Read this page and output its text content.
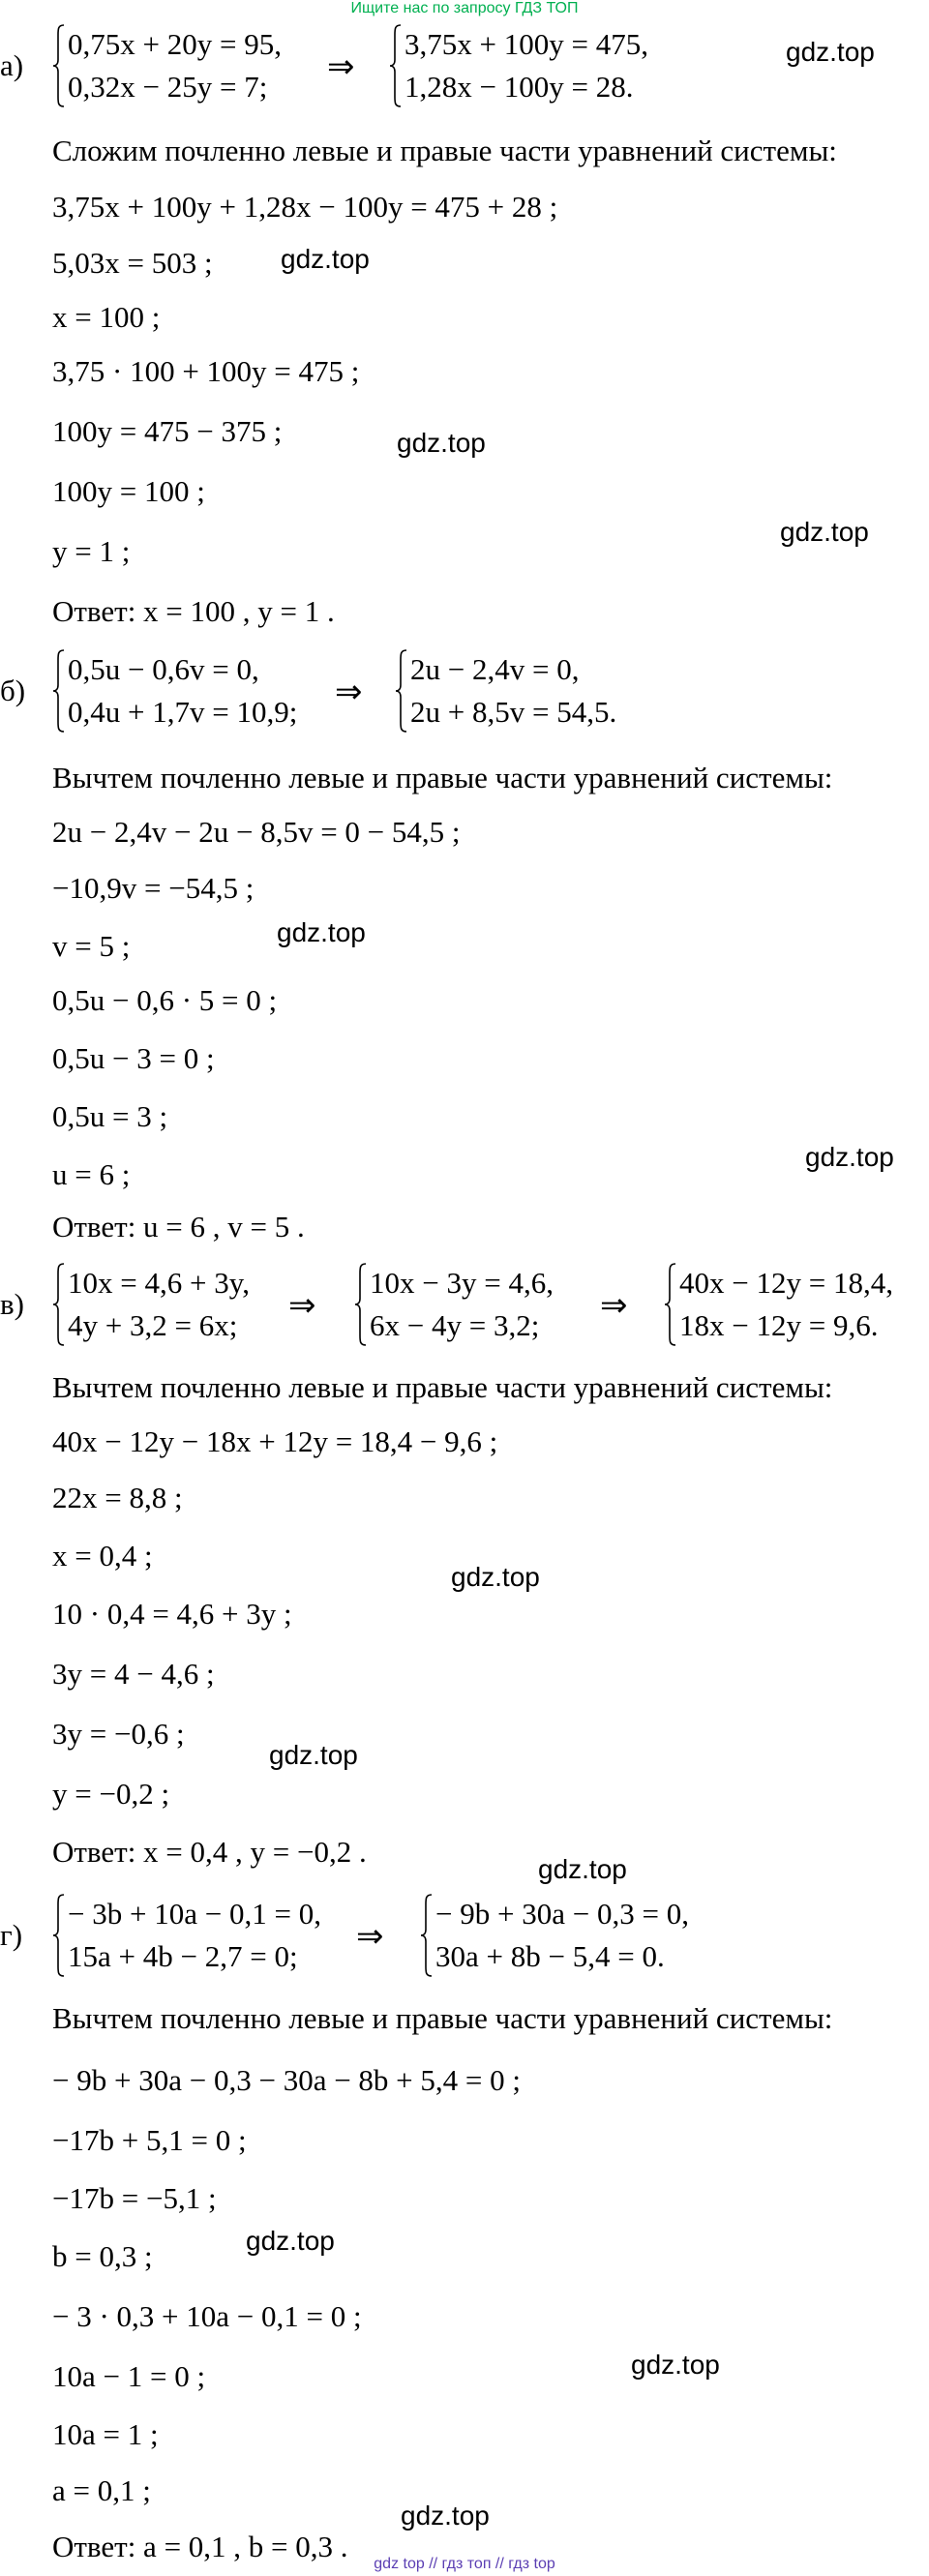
Ищите нас по запросу ГДЗ ТОП
а)
0,75x + 20y = 95,
0,32x − 25y = 7;
⇒
3,75x + 100y = 475,
1,28x − 100y = 28.
Сложим почленно левые и правые части уравнений системы:
3,75x + 100y + 1,28x − 100y = 475 + 28 ;
5,03x = 503 ;
x = 100 ;
3,75 · 100 + 100y = 475 ;
100y = 475 − 375 ;
100y = 100 ;
y = 1 ;
Ответ: x = 100 , y = 1 .
б)
0,5u − 0,6v = 0,
0,4u + 1,7v = 10,9;
⇒
2u − 2,4v = 0,
2u + 8,5v = 54,5.
Вычтем почленно левые и правые части уравнений системы:
2u − 2,4v − 2u − 8,5v = 0 − 54,5 ;
−10,9v = −54,5 ;
v = 5 ;
0,5u − 0,6 · 5 = 0 ;
0,5u − 3 = 0 ;
0,5u = 3 ;
u = 6 ;
Ответ: u = 6 , v = 5 .
в)
10x = 4,6 + 3y,
4y + 3,2 = 6x;
⇒
10x − 3y = 4,6,
6x − 4y = 3,2;
⇒
40x − 12y = 18,4,
18x − 12y = 9,6.
Вычтем почленно левые и правые части уравнений системы:
40x − 12y − 18x + 12y = 18,4 − 9,6 ;
22x = 8,8 ;
x = 0,4 ;
10 · 0,4 = 4,6 + 3y ;
3y = 4 − 4,6 ;
3y = −0,6 ;
y = −0,2 ;
Ответ: x = 0,4 , y = −0,2 .
г)
− 3b + 10a − 0,1 = 0,
15a + 4b − 2,7 = 0;
⇒
− 9b + 30a − 0,3 = 0,
30a + 8b − 5,4 = 0.
Вычтем почленно левые и правые части уравнений системы:
− 9b + 30a − 0,3 − 30a − 8b + 5,4 = 0 ;
−17b + 5,1 = 0 ;
−17b = −5,1 ;
b = 0,3 ;
− 3 · 0,3 + 10a − 0,1 = 0 ;
10a − 1 = 0 ;
10a = 1 ;
a = 0,1 ;
Ответ: a = 0,1 , b = 0,3 .
gdz.top
gdz.top
gdz.top
gdz.top
gdz.top
gdz.top
gdz.top
gdz.top
gdz.top
gdz.top
gdz.top
gdz.top
gdz top // гдз топ // гдз top
